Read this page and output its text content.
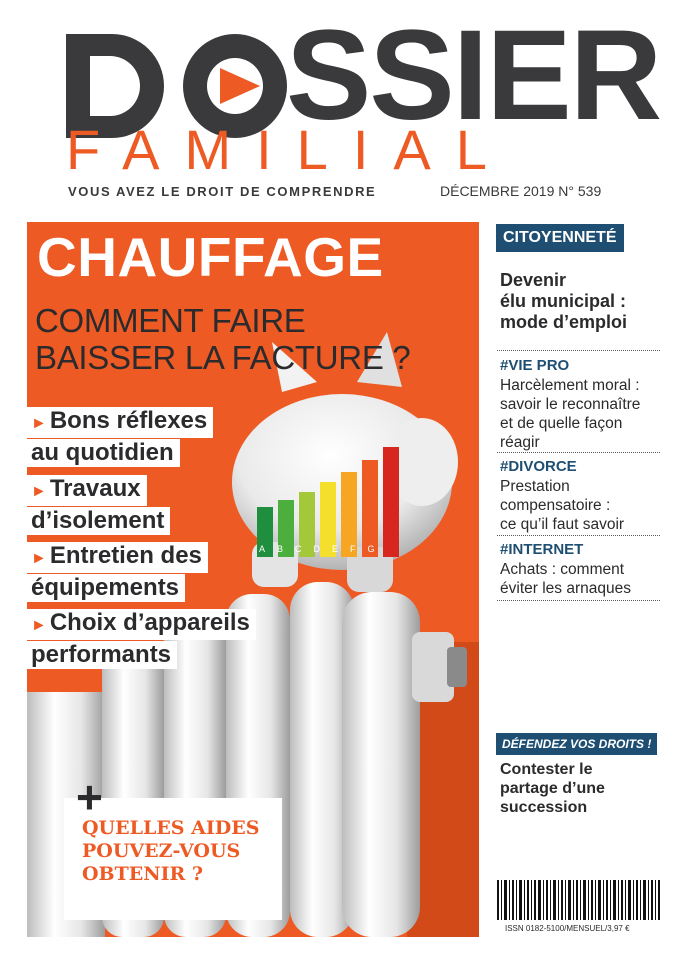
SSIER
FAMILIAL
VOUS AVEZ LE DROIT DE COMPRENDRE	DÉCEMBRE 2019 N° 539
ABCDEFG
CHAUFFAGE
COMMENT FAIRE
BAISSER LA FACTURE ?
► Bons réflexes
au quotidien
► Travaux
d’isolement
► Entretien des
équipements
► Choix d’appareils
performants
+
QUELLES AIDES
POUVEZ-VOUS
OBTENIR ?
CITOYENNETÉ
Devenir
élu municipal :
mode d’emploi
#VIE PRO
Harcèlement moral :
savoir le reconnaître
et de quelle façon
réagir
#DIVORCE
Prestation
compensatoire :
ce qu’il faut savoir
#INTERNET
Achats : comment
éviter les arnaques
DÉFENDEZ VOS DROITS !
Contester le
partage d’une
succession
ISSN 0182-5100/MENSUEL/3,97 €
